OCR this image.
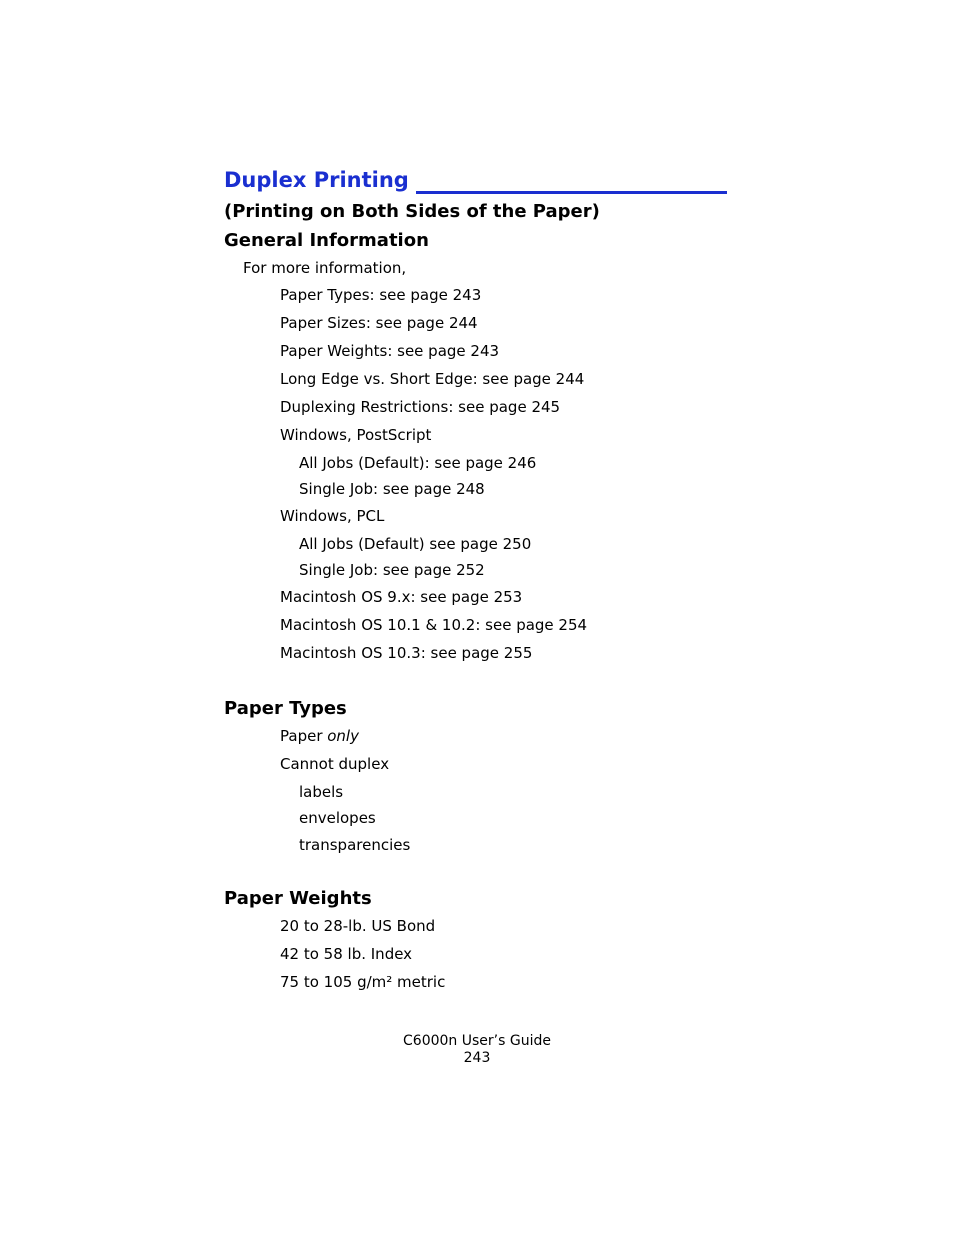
Duplex Printing
(Printing on Both Sides of the Paper)
General Information
For more information,
Paper Types: see page 243
Paper Sizes: see page 244
Paper Weights: see page 243
Long Edge vs. Short Edge: see page 244
Duplexing Restrictions: see page 245
Windows, PostScript
All Jobs (Default): see page 246
Single Job: see page 248
Windows, PCL
All Jobs (Default) see page 250
Single Job: see page 252
Macintosh OS 9.x: see page 253
Macintosh OS 10.1 & 10.2: see page 254
Macintosh OS 10.3: see page 255
Paper Types
Paper only
Cannot duplex
labels
envelopes
transparencies
Paper Weights
20 to 28-lb. US Bond
42 to 58 lb. Index
75 to 105 g/m² metric
C6000n User’s Guide
243
